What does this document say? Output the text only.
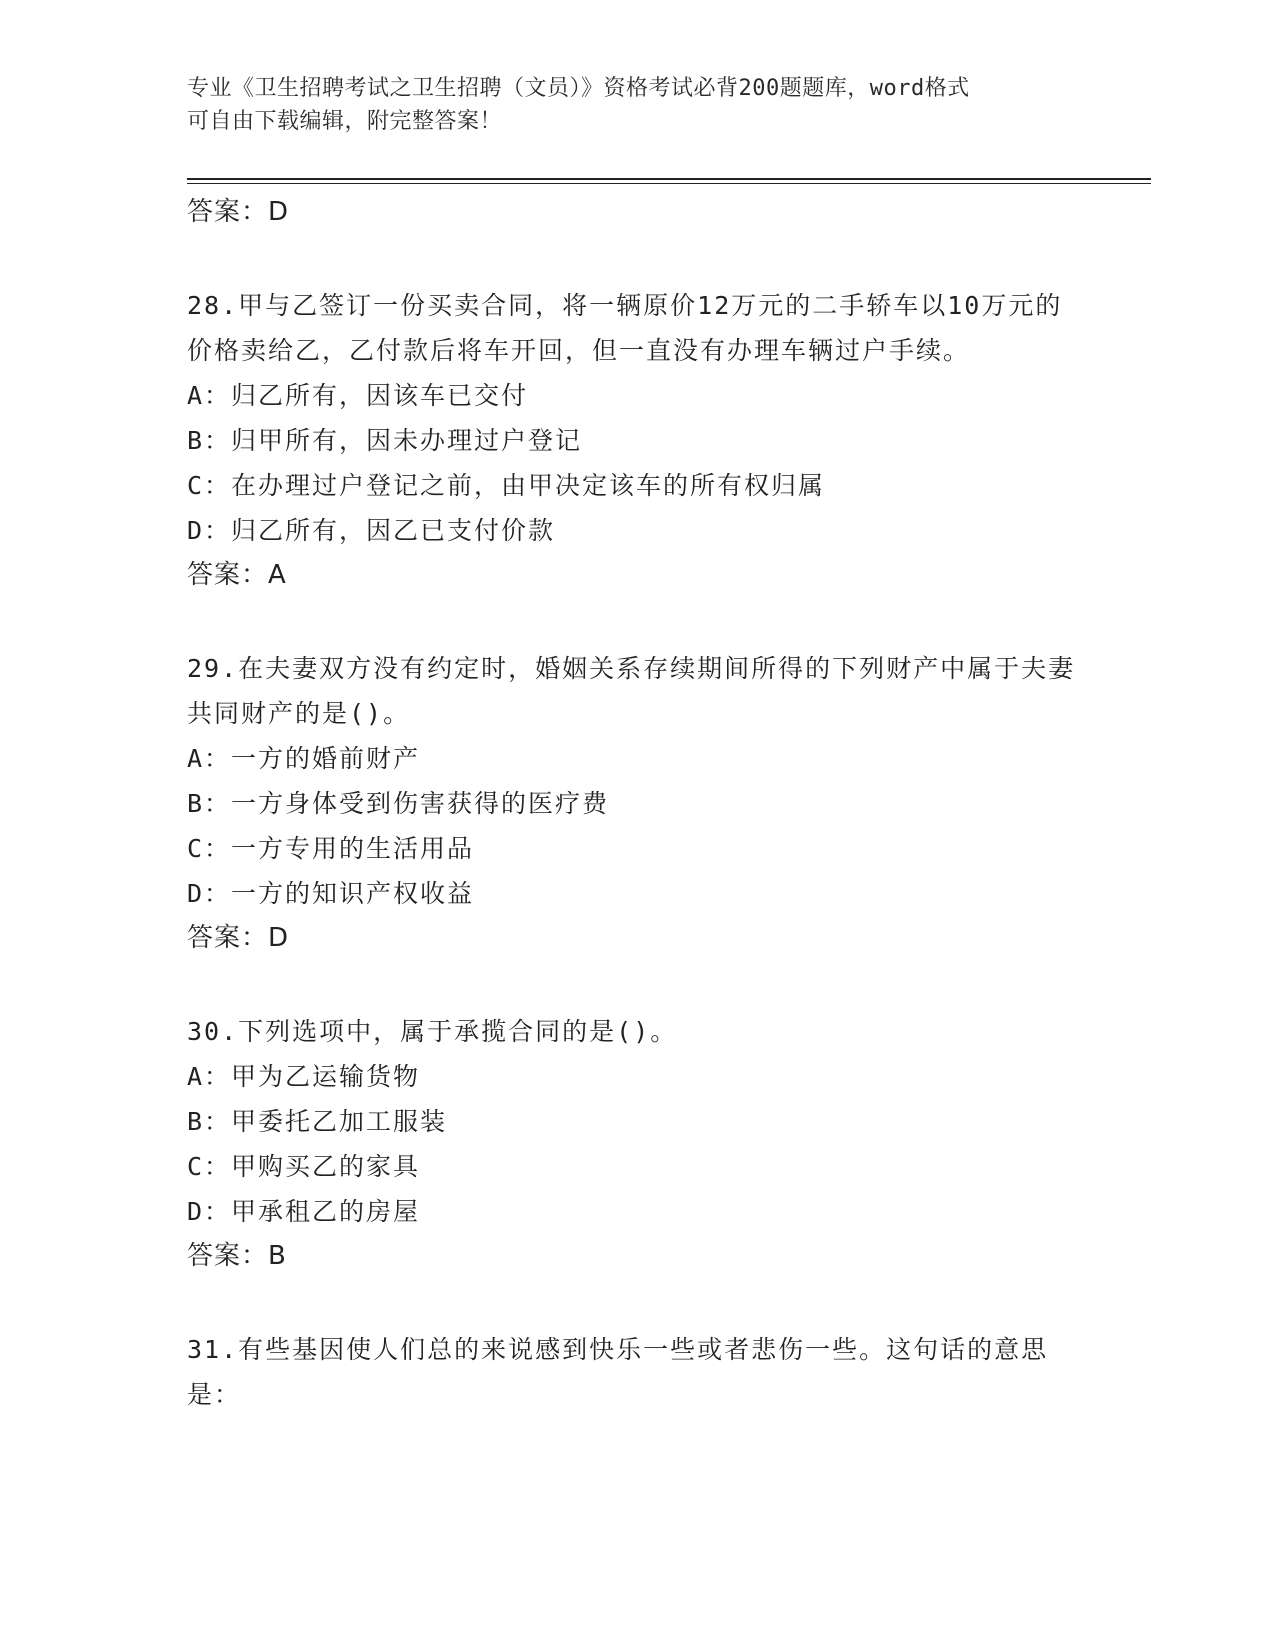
专业《卫生招聘考试之卫生招聘（文员）》资格考试必背200题题库，word格式
可自由下载编辑，附完整答案！
答案：D
28.甲与乙签订一份买卖合同，将一辆原价12万元的二手轿车以10万元的价格卖给乙，乙付款后将车开回，但一直没有办理车辆过户手续。
A：归乙所有，因该车已交付
B：归甲所有，因未办理过户登记
C：在办理过户登记之前，由甲决定该车的所有权归属
D：归乙所有，因乙已支付价款
答案：A
29.在夫妻双方没有约定时，婚姻关系存续期间所得的下列财产中属于夫妻共同财产的是()。
A：一方的婚前财产
B：一方身体受到伤害获得的医疗费
C：一方专用的生活用品
D：一方的知识产权收益
答案：D
30.下列选项中，属于承揽合同的是()。
A：甲为乙运输货物
B：甲委托乙加工服装
C：甲购买乙的家具
D：甲承租乙的房屋
答案：B
31.有些基因使人们总的来说感到快乐一些或者悲伤一些。这句话的意思是：
